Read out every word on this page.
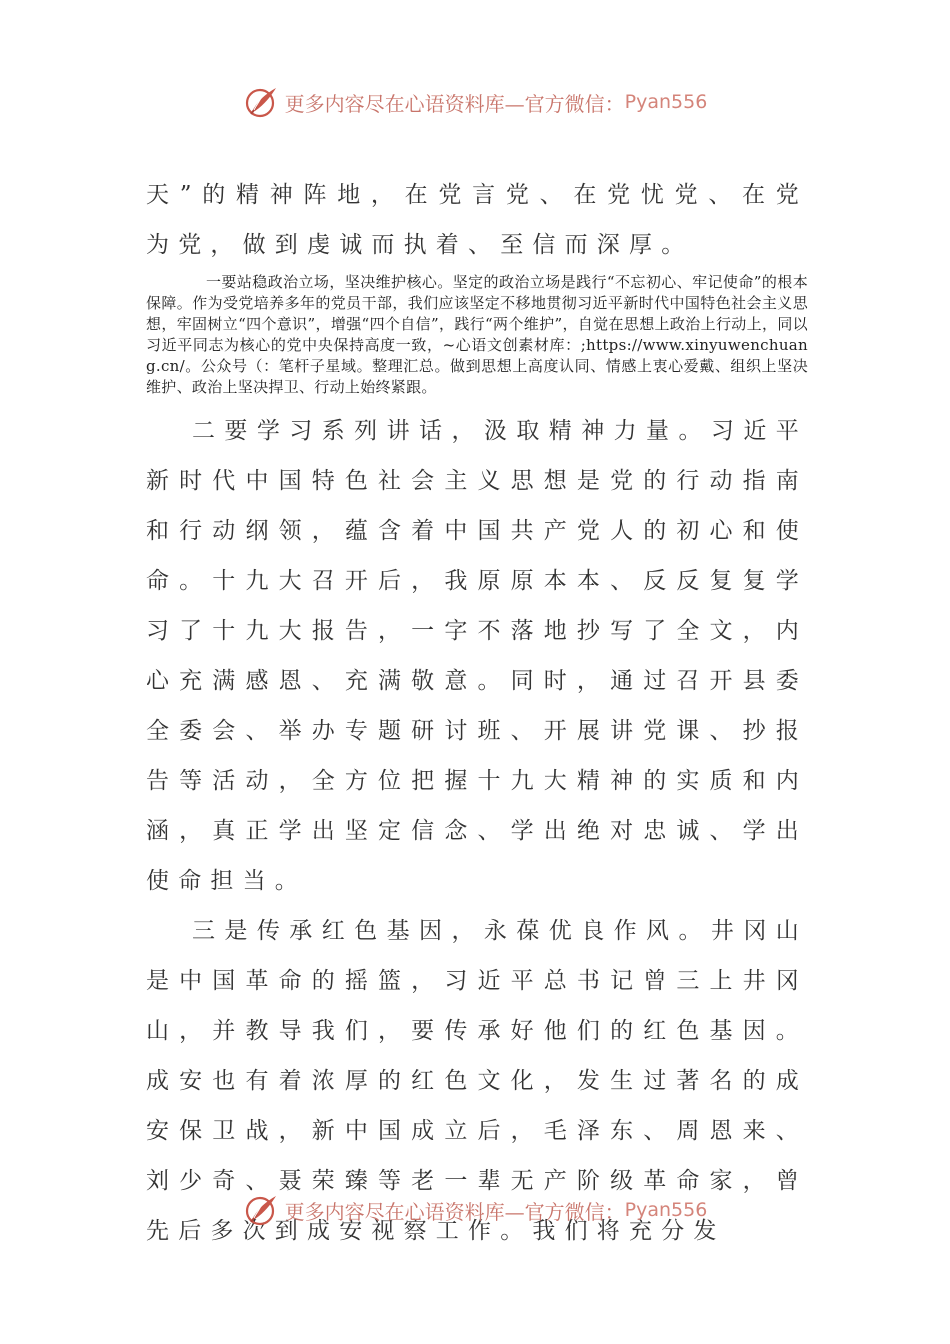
更多内容尽在心语资料库—官方微信： Pyan556

天”的精神阵地，在党言党、在党忧党、在党为党，做到虔诚而执着、至信而深厚。

一要站稳政治立场，坚决维护核心。坚定的政治立场是践行“不忘初心、牢记使命”的根本保障。作为受党培养多年的党员干部，我们应该坚定不移地贯彻习近平新时代中国特色社会主义思想，牢固树立“四个意识”，增强“四个自信”，践行“两个维护”，自觉在思想上政治上行动上，同以习近平同志为核心的党中央保持高度一致，~心语文创素材库：;https://www.xinyuwenchuang.cn/。公众号（：笔杆子星域。整理汇总。做到思想上高度认同、情感上衷心爱戴、组织上坚决维护、政治上坚决捍卫、行动上始终紧跟。

二要学习系列讲话，汲取精神力量。习近平新时代中国特色社会主义思想是党的行动指南和行动纲领，蕴含着中国共产党人的初心和使命。十九大召开后，我原原本本、反反复复学习了十九大报告，一字不落地抄写了全文，内心充满感恩、充满敬意。同时，通过召开县委全委会、举办专题研讨班、开展讲党课、抄报告等活动，全方位把握十九大精神的实质和内涵，真正学出坚定信念、学出绝对忠诚、学出使命担当。

三是传承红色基因，永葆优良作风。井冈山是中国革命的摇篮，习近平总书记曾三上井冈山，并教导我们，要传承好他们的红色基因。成安也有着浓厚的红色文化，发生过著名的成安保卫战，新中国成立后，毛泽东、周恩来、刘少奇、聂荣臻等老一辈无产阶级革命家，曾先后多次到成安视察工作。我们将充分发

更多内容尽在心语资料库—官方微信： Pyan556
